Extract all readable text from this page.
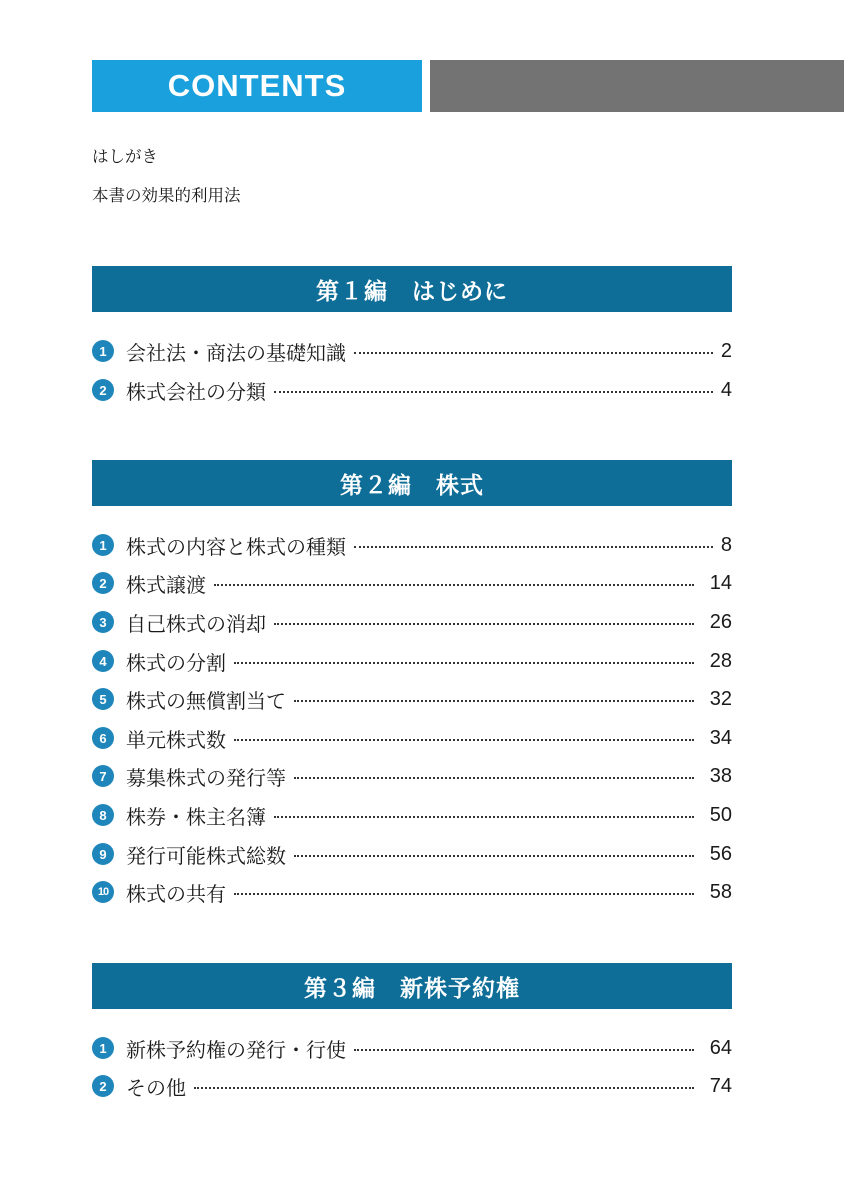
CONTENTS
はしがき
本書の効果的利用法
第１編　はじめに
1 会社法・商法の基礎知識	2
2 株式会社の分類	4
第２編　株式
1 株式の内容と株式の種類	8
2 株式譲渡	14
3 自己株式の消却	26
4 株式の分割	28
5 株式の無償割当て	32
6 単元株式数	34
7 募集株式の発行等	38
8 株券・株主名簿	50
9 発行可能株式総数	56
10 株式の共有	58
第３編　新株予約権
1 新株予約権の発行・行使	64
2 その他	74
